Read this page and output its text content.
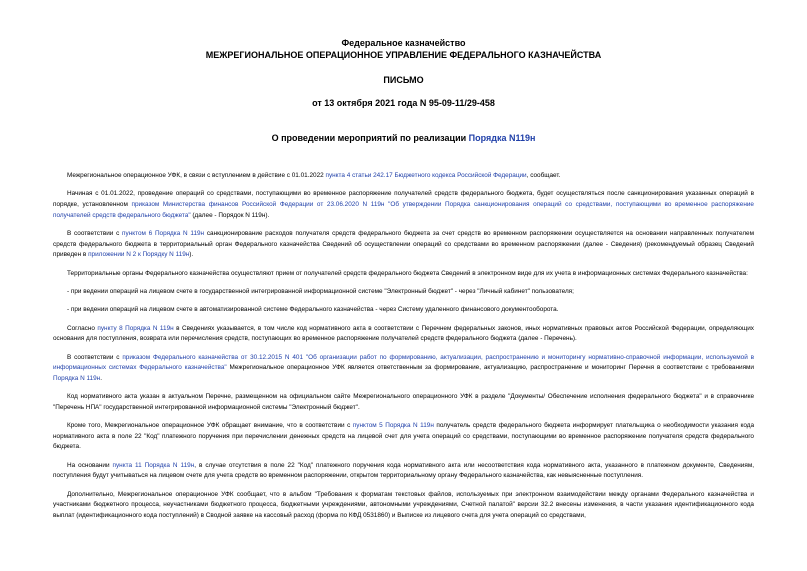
Федеральное казначейство
МЕЖРЕГИОНАЛЬНОЕ ОПЕРАЦИОННОЕ УПРАВЛЕНИЕ ФЕДЕРАЛЬНОГО КАЗНАЧЕЙСТВА
ПИСЬМО
от 13 октября 2021 года N 95-09-11/29-458
О проведении мероприятий по реализации Порядка N119н

Межрегиональное операционное УФК, в связи с вступлением в действие с 01.01.2022 пункта 4 статьи 242.17 Бюджетного кодекса Российской Федерации, сообщает.

Начиная с 01.01.2022, проведение операций со средствами, поступающими во временное распоряжение получателей средств федерального бюджета, будет осуществляться после санкционирования указанных операций в порядке, установленном приказом Министерства финансов Российской Федерации от 23.06.2020 N 119н "Об утверждении Порядка санкционирования операций со средствами, поступающими во временное распоряжение получателей средств федерального бюджета" (далее - Порядок N 119н).

В соответствии с пунктом 6 Порядка N 119н санкционирование расходов получателя средств федерального бюджета за счет средств во временном распоряжении осуществляется на основании направленных получателем средств федерального бюджета в территориальный орган Федерального казначейства Сведений об осуществлении операций со средствами во временном распоряжении (далее - Сведения) (рекомендуемый образец Сведений приведен в приложении N 2 к Порядку N 119н).

Территориальные органы Федерального казначейства осуществляют прием от получателей средств федерального бюджета Сведений в электронном виде для их учета в информационных системах Федерального казначейства:

- при ведении операций на лицевом счете в государственной интегрированной информационной системе "Электронный бюджет" - через "Личный кабинет" пользователя;

- при ведении операций на лицевом счете в автоматизированной системе Федерального казначейства - через Систему удаленного финансового документооборота.

Согласно пункту 8 Порядка N 119н в Сведениях указывается, в том числе код нормативного акта в соответствии с Перечнем федеральных законов, иных нормативных правовых актов Российской Федерации, определяющих основания для поступления, возврата или перечисления средств, поступающих во временное распоряжение получателей средств федерального бюджета (далее - Перечень).

В соответствии с приказом Федерального казначейства от 30.12.2015 N 401 "Об организации работ по формированию, актуализации, распространению и мониторингу нормативно-справочной информации, используемой в информационных системах Федерального казначейства" Межрегиональное операционное УФК является ответственным за формирование, актуализацию, распространение и мониторинг Перечня в соответствии с требованиями Порядка N 119н.

Код нормативного акта указан в актуальном Перечне, размещенном на официальном сайте Межрегионального операционного УФК в разделе "Документы/ Обеспечение исполнения федерального бюджета" и в справочнике "Перечень НПА" государственной интегрированной информационной системы "Электронный бюджет".

Кроме того, Межрегиональное операционное УФК обращает внимание, что в соответствии с пунктом 5 Порядка N 119н получатель средств федерального бюджета информирует плательщика о необходимости указания кода нормативного акта в поле 22 "Код" платежного поручения при перечислении денежных средств на лицевой счет для учета операций со средствами, поступающими во временное распоряжение получателя средств федерального бюджета.

На основании пункта 11 Порядка N 119н, в случае отсутствия в поле 22 "Код" платежного поручения кода нормативного акта или несоответствия кода нормативного акта, указанного в платежном документе, Сведениям, поступления будут учитываться на лицевом счете для учета средств во временном распоряжении, открытом территориальному органу Федерального казначейства, как невыясненные поступления.

Дополнительно, Межрегиональное операционное УФК сообщает, что в альбом "Требования к форматам текстовых файлов, используемых при электронном взаимодействии между органами Федерального казначейства и участниками бюджетного процесса, неучастниками бюджетного процесса, бюджетными учреждениями, автономными учреждениями, Счетной палатой" версии 32.2 внесены изменения, в части указания идентификационного кода выплат (идентификационного кода поступлений) в Сводной заявке на кассовый расход (форма по КФД 0531860) и Выписке из лицевого счета для учета операций со средствами,
